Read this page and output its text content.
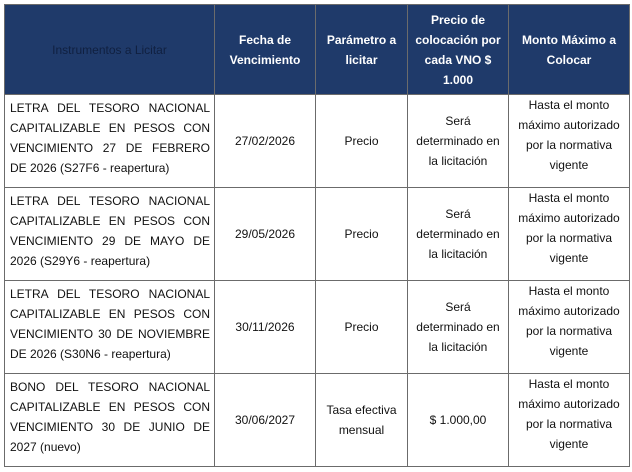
Instrumentos a Licitar	Fecha de Vencimiento	Parámetro a licitar	Precio de colocación por cada VNO $ 1.000	Monto Máximo a Colocar
LETRA DEL TESORO NACIONAL CAPITALIZABLE EN PESOS CON VENCIMIENTO 27 DE FEBRERO DE 2026 (S27F6 - reapertura)	27/02/2026	Precio	Será determinado en la licitación	Hasta el monto máximo autorizado por la normativa vigente
LETRA DEL TESORO NACIONAL CAPITALIZABLE EN PESOS CON VENCIMIENTO 29 DE MAYO DE 2026 (S29Y6 - reapertura)	29/05/2026	Precio	Será determinado en la licitación	Hasta el monto máximo autorizado por la normativa vigente
LETRA DEL TESORO NACIONAL CAPITALIZABLE EN PESOS CON VENCIMIENTO 30 DE NOVIEMBRE DE 2026 (S30N6 - reapertura)	30/11/2026	Precio	Será determinado en la licitación	Hasta el monto máximo autorizado por la normativa vigente
BONO DEL TESORO NACIONAL CAPITALIZABLE EN PESOS CON VENCIMIENTO 30 DE JUNIO DE 2027 (nuevo)	30/06/2027	Tasa efectiva mensual	$ 1.000,00	Hasta el monto máximo autorizado por la normativa vigente
